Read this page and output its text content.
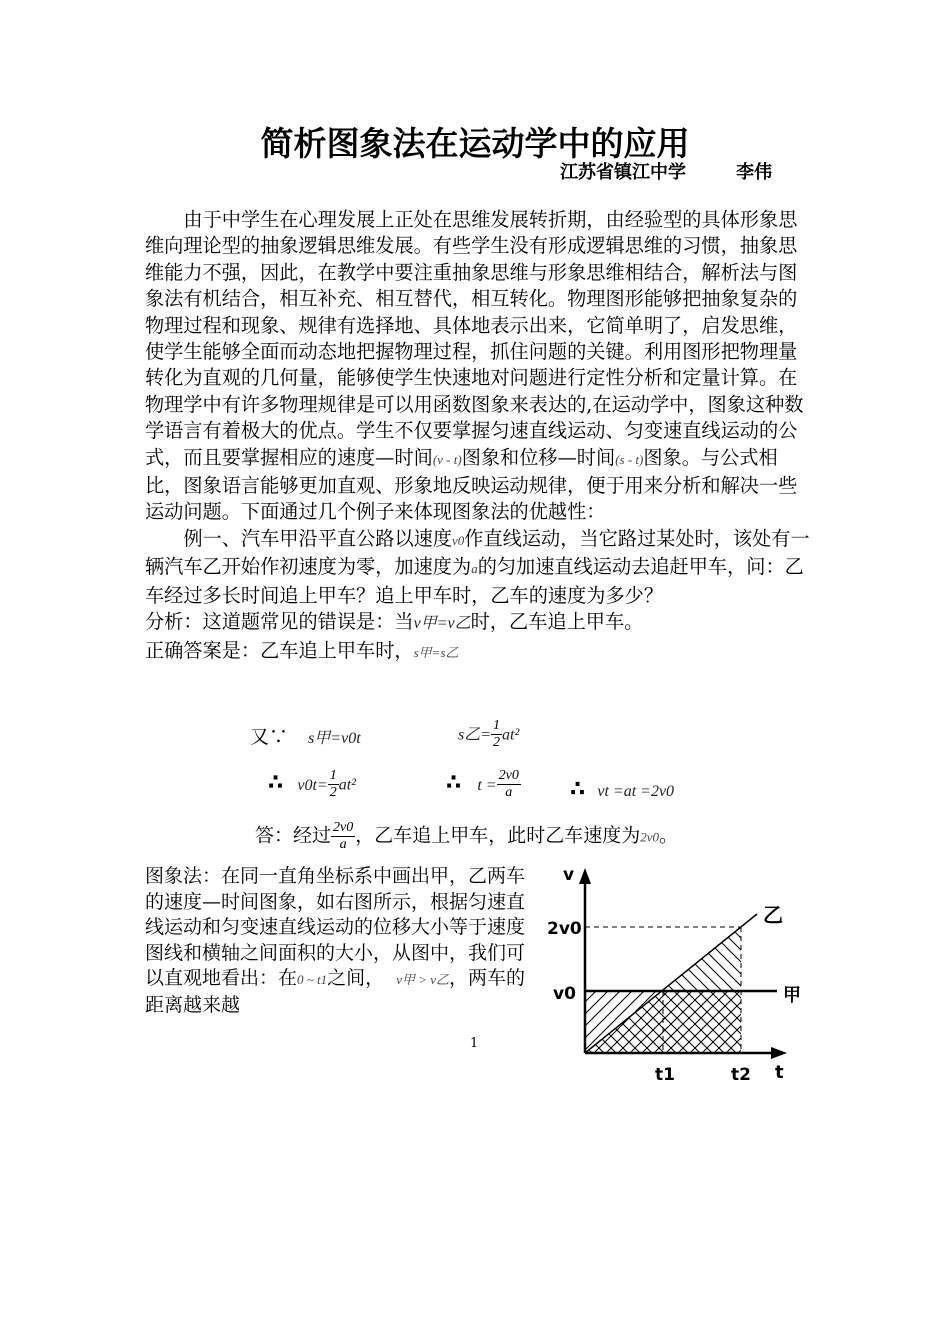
简析图象法在运动学中的应用
江苏省镇江中学        李伟

由于中学生在心理发展上正处在思维发展转折期，由经验型的具体形象思维向理论型的抽象逻辑思维发展。有些学生没有形成逻辑思维的习惯，抽象思维能力不强，因此，在教学中要注重抽象思维与形象思维相结合，解析法与图象法有机结合，相互补充、相互替代，相互转化。物理图形能够把抽象复杂的物理过程和现象、规律有选择地、具体地表示出来，它简单明了，启发思维，使学生能够全面而动态地把握物理过程，抓住问题的关键。利用图形把物理量转化为直观的几何量，能够使学生快速地对问题进行定性分析和定量计算。在物理学中有许多物理规律是可以用函数图象来表达的,在运动学中，图象这种数学语言有着极大的优点。学生不仅要掌握匀速直线运动、匀变速直线运动的公式，而且要掌握相应的速度—时间(v - t)图象和位移—时间(s - t)图象。与公式相比，图象语言能够更加直观、形象地反映运动规律，便于用来分析和解决一些运动问题。下面通过几个例子来体现图象法的优越性：

例一、汽车甲沿平直公路以速度v0作直线运动，当它路过某处时，该处有一辆汽车乙开始作初速度为零，加速度为a的匀加速直线运动去追赶甲车，问：乙车经过多长时间追上甲车？追上甲车时，乙车的速度为多少？

分析：这道题常见的错误是：当v甲=v乙时，乙车追上甲车。

正确答案是：乙车追上甲车时，s甲=s乙

又∵ s甲=v0t	s乙= $\frac{1}{2} at^2$
∴ $v0t= \frac{1}{2} at^2$	∴ $t = \frac{2v0}{a}$ ∴ vt =at =2v0
答：经过 $\frac{2v0}{a}$ ，乙车追上甲车，此时乙车速度为2v0。

图象法：在同一直角坐标系中画出甲，乙两车的速度—时间图象，如右图所示，根据匀速直线运动和匀变速直线运动的位移大小等于速度图线和横轴之间面积的大小，从图中，我们可以直观地看出：在0 ~ t1之间， v甲 > v乙，两车的距离越来越

v
t
2v0
v0
t1	t2
乙
甲
1
